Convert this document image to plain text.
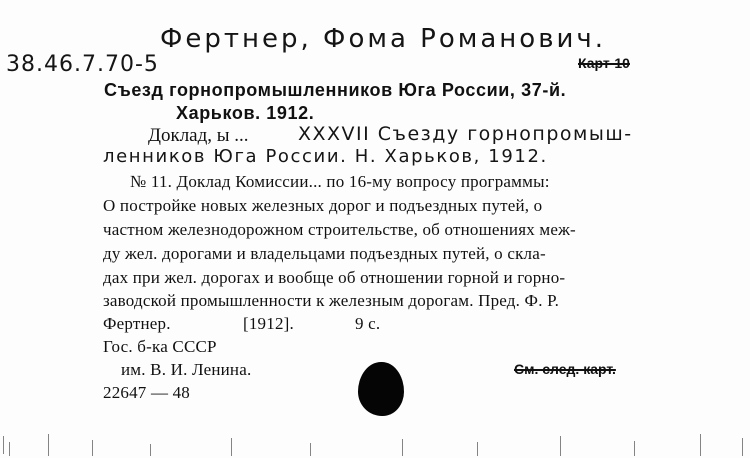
Фертнер, Фома Романович.
38.46.7.70-5	Карт-10
Съезд горнопромышленников Юга России, 37-й.
Харьков. 1912.
Доклад, ы ...	XXXVII Съезду горнопромыш-
ленников Юга России. Н. Харьков, 1912.
№ 11. Доклад Комиссии... по 16-му вопросу программы:
О постройке новых железных дорог и подъездных путей, о
частном железнодорожном строительстве, об отношениях меж-
ду жел. дорогами и владельцами подъездных путей, о скла-
дах при жел. дорогах и вообще об отношении горной и горно-
заводской промышленности к железным дорогам. Пред. Ф. Р.
Фертнер.	[1912].	9 с.
Гос. б-ка СССР
им. В. И. Ленина.
22647 — 48
См. след. карт.
